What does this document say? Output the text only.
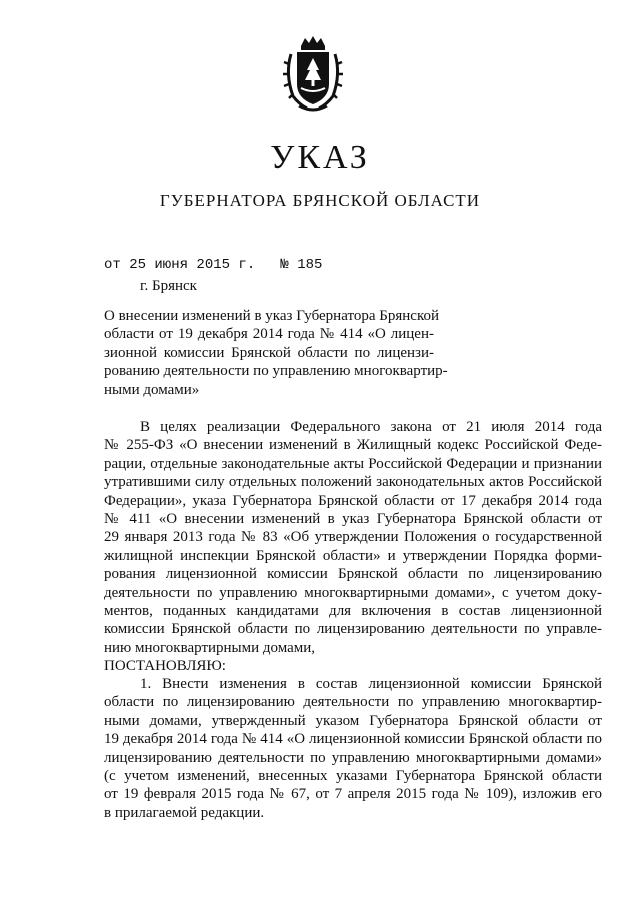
УКАЗ
ГУБЕРНАТОРА БРЯНСКОЙ ОБЛАСТИ
от 25 июня 2015 г.   № 185
г. Брянск
О внесении изменений в указ Губернатора Брянской
области от 19 декабря 2014 года № 414 «О лицен-
зионной комиссии Брянской области по лицензи-
рованию деятельности по управлению многоквартир-
ными домами»
В целях реализации Федерального закона от 21 июля 2014 года
№ 255-ФЗ «О внесении изменений в Жилищный кодекс Российской Феде-
рации, отдельные законодательные акты Российской Федерации и признании
утратившими силу отдельных положений законодательных актов Российской
Федерации», указа Губернатора Брянской области от 17 декабря 2014 года
№ 411 «О внесении изменений в указ Губернатора Брянской области от
29 января 2013 года № 83 «Об утверждении Положения о государственной
жилищной инспекции Брянской области» и утверждении Порядка форми-
рования лицензионной комиссии Брянской области по лицензированию
деятельности по управлению многоквартирными домами», с учетом доку-
ментов, поданных кандидатами для включения в состав лицензионной
комиссии Брянской области по лицензированию деятельности по управле-
нию многоквартирными домами,
ПОСТАНОВЛЯЮ:
1. Внести изменения в состав лицензионной комиссии Брянской
области по лицензированию деятельности по управлению многоквартир-
ными домами, утвержденный указом Губернатора Брянской области от
19 декабря 2014 года № 414 «О лицензионной комиссии Брянской области по
лицензированию деятельности по управлению многоквартирными домами»
(с учетом изменений, внесенных указами Губернатора Брянской области
от 19 февраля 2015 года № 67, от 7 апреля 2015 года № 109), изложив его
в прилагаемой редакции.
